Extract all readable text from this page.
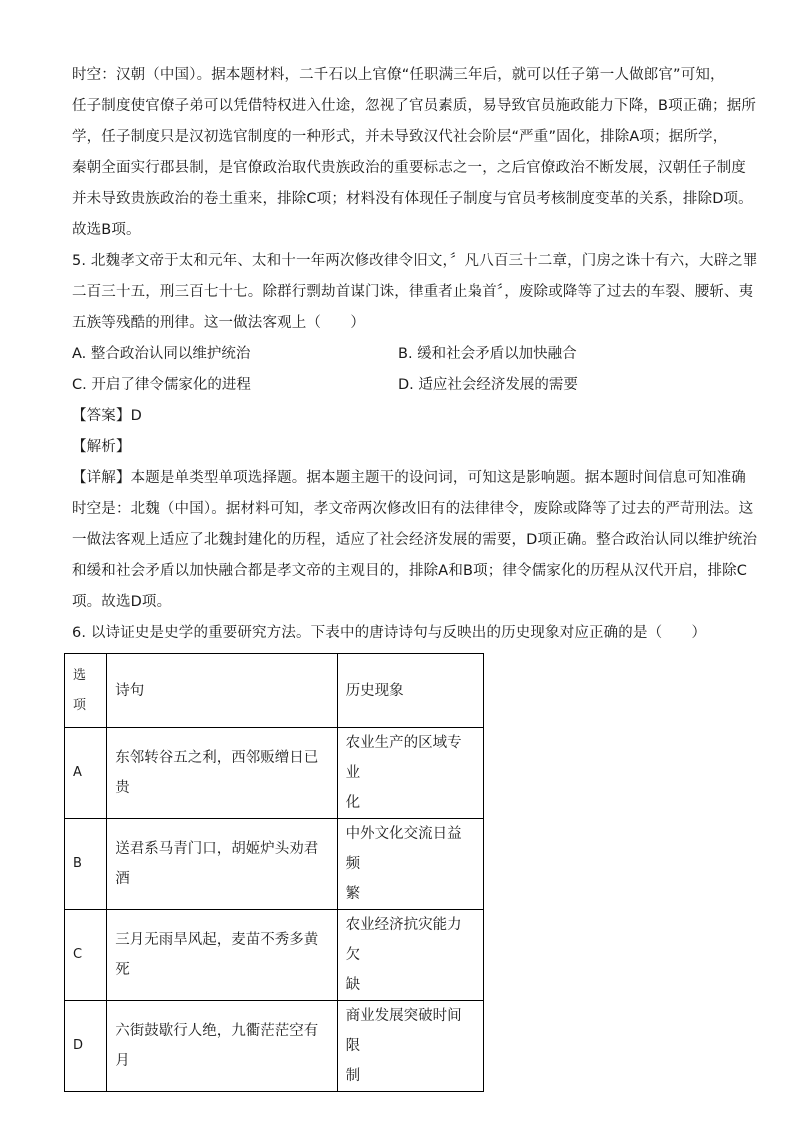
时空：汉朝（中国）。据本题材料，二千石以上官僚“任职满三年后，就可以任子第一人做郎官”可知，
任子制度使官僚子弟可以凭借特权进入仕途，忽视了官员素质，易导致官员施政能力下降，B项正确；据所
学，任子制度只是汉初选官制度的一种形式，并未导致汉代社会阶层“严重”固化，排除A项；据所学，
秦朝全面实行郡县制，是官僚政治取代贵族政治的重要标志之一，之后官僚政治不断发展，汉朝任子制度
并未导致贵族政治的卷土重来，排除C项；材料没有体现任子制度与官员考核制度变革的关系，排除D项。
故选B项。
5. 北魏孝文帝于太和元年、太和十一年两次修改律令旧文，〞凡八百三十二章，门房之诛十有六，大辟之罪
二百三十五，刑三百七十七。除群行剽劫首谋门诛，律重者止枭首〞，废除或降等了过去的车裂、腰斩、夷
五族等残酷的刑律。这一做法客观上（　　）
A. 整合政治认同以维护统治	B. 缓和社会矛盾以加快融合
C. 开启了律令儒家化的进程	D. 适应社会经济发展的需要
【答案】D
【解析】
【详解】本题是单类型单项选择题。据本题主题干的设问词，可知这是影响题。据本题时间信息可知准确
时空是：北魏（中国）。据材料可知，孝文帝两次修改旧有的法律律令，废除或降等了过去的严苛刑法。这
一做法客观上适应了北魏封建化的历程，适应了社会经济发展的需要，D项正确。整合政治认同以维护统治
和缓和社会矛盾以加快融合都是孝文帝的主观目的，排除A和B项；律令儒家化的历程从汉代开启，排除C
项。故选D项。
6. 以诗证史是史学的重要研究方法。下表中的唐诗诗句与反映出的历史现象对应正确的是（　　）
选
项	诗句	历史现象
A	东邻转谷五之利，西邻贩缯日已贵	农业生产的区域专业
化

B	送君系马青门口，胡姬炉头劝君酒	中外文化交流日益频
繁

C	三月无雨旱风起，麦苗不秀多黄死	农业经济抗灾能力欠
缺

D	六街鼓歇行人绝，九衢茫茫空有月	商业发展突破时间限
制
